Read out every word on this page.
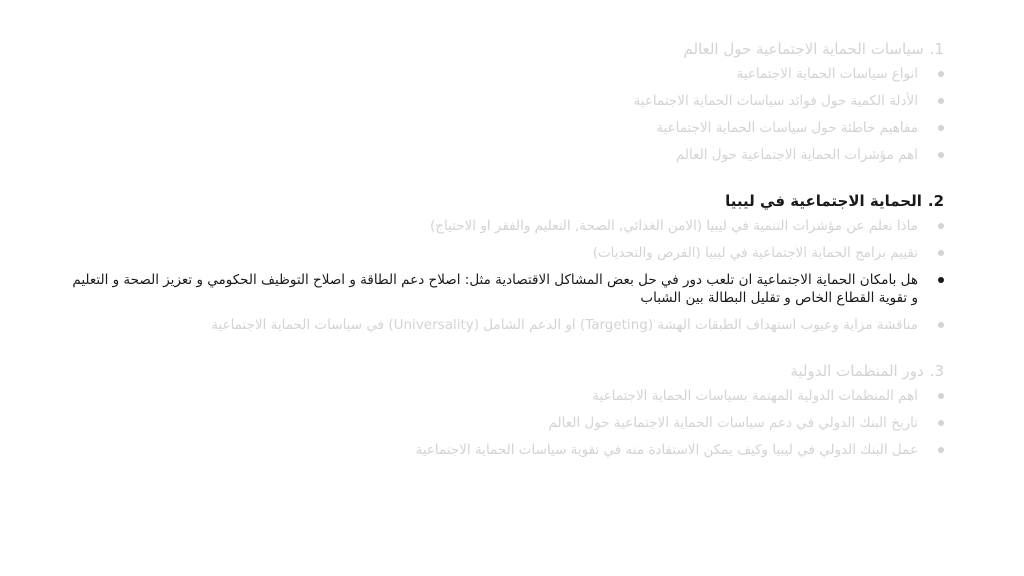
1.
سياسات الحماية الاجتماعية حول العالم
انواع سياسات الحماية الاجتماعية
الأدلة الكمية حول فوائد سياسات الحماية الاجتماعية
مفاهيم خاطئة حول سياسات الحماية الاجتماعية
اهم مؤشرات الحماية الاجتماعية حول العالم
2.
الحماية الاجتماعية في ليبيا
ماذا نعلم عن مؤشرات التنمية في ليبيا (الامن الغذائي, الصحة, التعليم والفقر او الاحتياج)
تقييم برامج الحماية الاجتماعية في ليبيا (الفرص والتحديات)
هل بامكان الحماية الاجتماعية ان تلعب دور في حل بعض المشاكل الاقتصادية مثل: اصلاح دعم الطاقة و اصلاح التوظيف الحكومي و تعزيز الصحة و التعليم و تقوية القطاع الخاص و تقليل البطالة بين الشباب
مناقشة مزاية وعيوب استهداف الطبقات الهشة (Targeting) او الدعم الشامل (Universality) في سياسات الحماية الاجتماعية
3.
دور المنظمات الدولية
اهم المنظمات الدولية المهتمة بسياسات الحماية الاجتماعية
تاريخ البنك الدولي في دعم سياسات الحماية الاجتماعية حول العالم
عمل البنك الدولي في ليبيا وكيف يمكن الاستفادة منه في تقوية سياسات الحماية الاجتماعية
